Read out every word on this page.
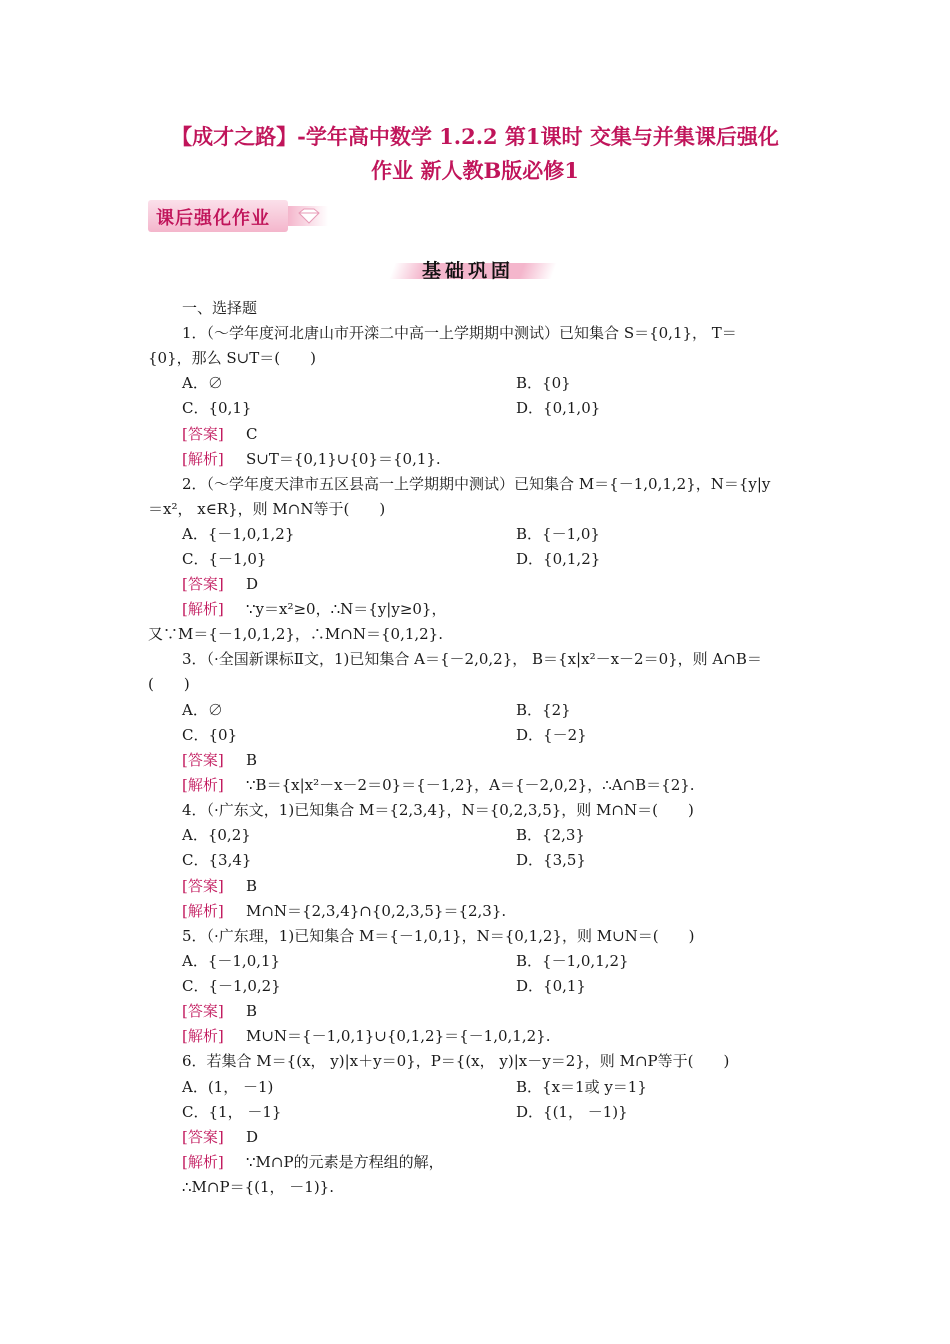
【成才之路】-学年高中数学 1.2.2 第1课时 交集与并集课后强化
作业 新人教B版必修1
课后强化作业
基础巩固
一、选择题
1．（～学年度河北唐山市开滦二中高一上学期期中测试）已知集合 S＝{0,1}， T＝
{0}，那么 S∪T＝(　　)
A．∅	B．{0}
C．{0,1}	D．{0,1,0}
[答案] C
[解析] S∪T＝{0,1}∪{0}＝{0,1}.
2．（～学年度天津市五区县高一上学期期中测试）已知集合 M＝{－1,0,1,2}，N＝{y|y
＝x²， x∈R}，则 M∩N等于(　　)
A．{－1,0,1,2}	B．{－1,0}
C．{－1,0}	D．{0,1,2}
[答案] D
[解析] ∵y＝x²≥0，∴N＝{y|y≥0}，
又∵M＝{－1,0,1,2}，∴M∩N＝{0,1,2}.
3．（·全国新课标Ⅱ文，1)已知集合 A＝{－2,0,2}， B＝{x|x²－x－2＝0}，则 A∩B＝
(　　)
A．∅	B．{2}
C．{0}	D．{－2}
[答案] B
[解析] ∵B＝{x|x²－x－2＝0}＝{－1,2}，A＝{－2,0,2}，∴A∩B＝{2}.
4．（·广东文，1)已知集合 M＝{2,3,4}，N＝{0,2,3,5}，则 M∩N＝(　　)
A．{0,2}	B．{2,3}
C．{3,4}	D．{3,5}
[答案] B
[解析] M∩N＝{2,3,4}∩{0,2,3,5}＝{2,3}.
5．（·广东理，1)已知集合 M＝{－1,0,1}，N＝{0,1,2}，则 M∪N＝(　　)
A．{－1,0,1}	B．{－1,0,1,2}
C．{－1,0,2}	D．{0,1}
[答案] B
[解析] M∪N＝{－1,0,1}∪{0,1,2}＝{－1,0,1,2}.
6．若集合 M＝{(x， y)|x＋y＝0}，P＝{(x， y)|x－y＝2}，则 M∩P等于(　　)
A．(1， －1)	B．{x＝1或 y＝1}
C．{1， －1}	D．{(1， －1)}
[答案] D
[解析] ∵M∩P的元素是方程组的解，
∴M∩P＝{(1， －1)}.
